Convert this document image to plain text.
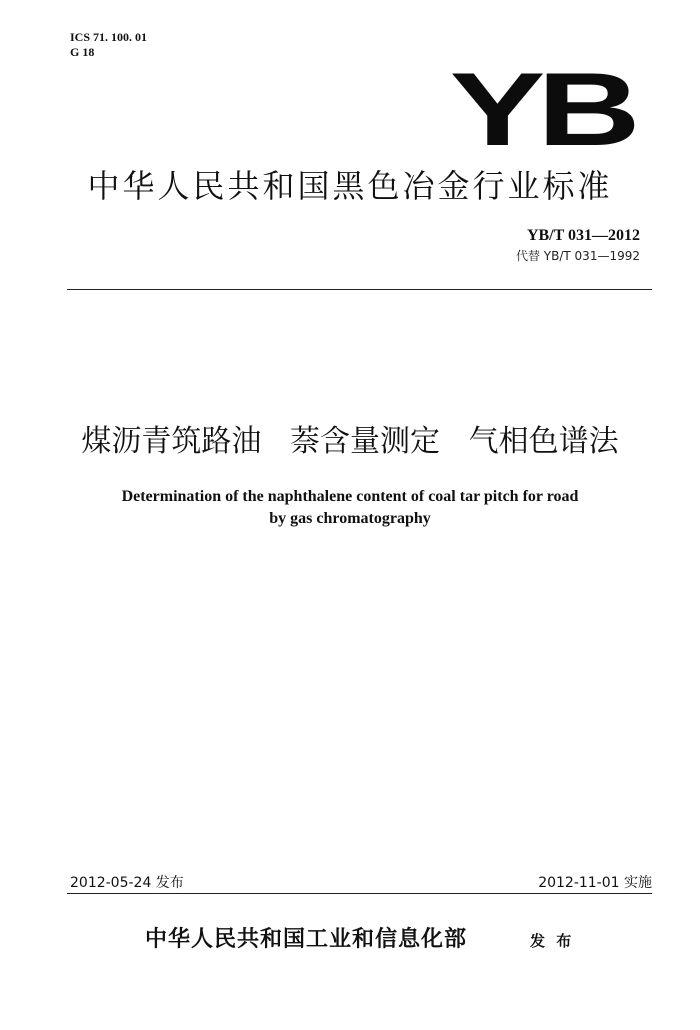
ICS 71. 100. 01
G 18	YB
中华人民共和国黑色冶金行业标准
YB/T 031—2012
代替 YB/T 031—1992
煤沥青筑路油   萘含量测定   气相色谱法
Determination of the naphthalene content of coal tar pitch for road
by gas chromatography
2012-05-24 发布	2012-11-01 实施
中华人民共和国工业和信息化部	发 布
